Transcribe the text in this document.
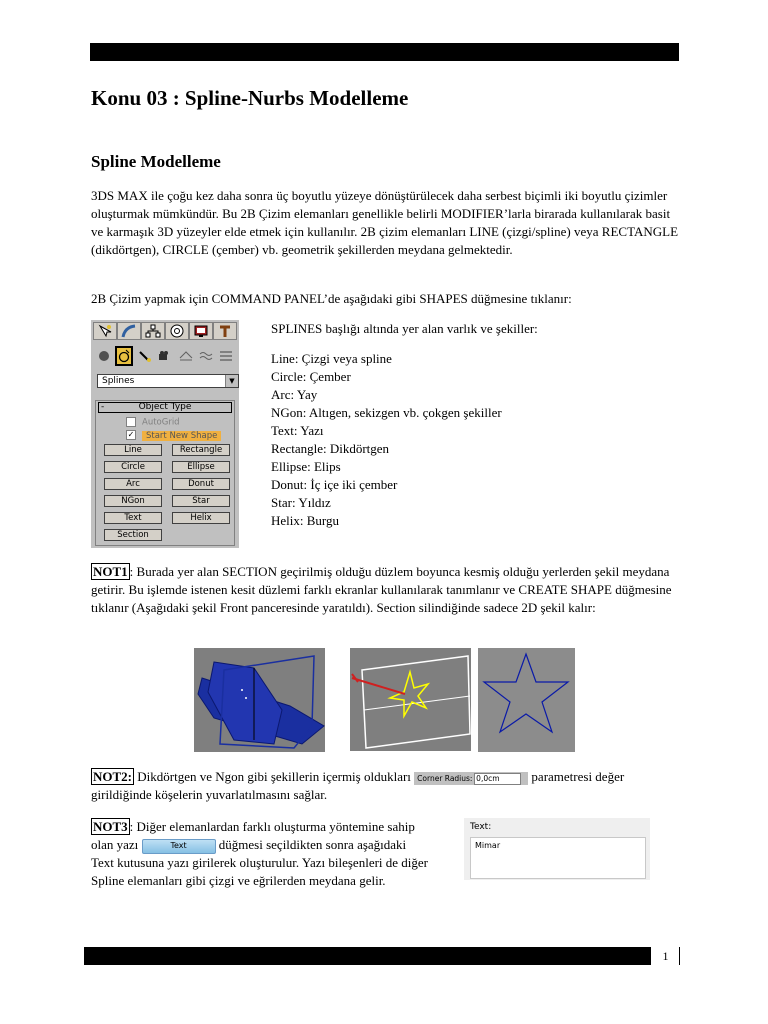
Konu 03 : Spline-Nurbs Modelleme
Spline Modelleme
3DS MAX ile çoğu kez daha sonra üç boyutlu yüzeye dönüştürülecek daha serbest biçimli iki boyutlu çizimler oluşturmak mümkündür. Bu 2B Çizim elemanları genellikle belirli MODIFIER’larla birarada kullanılarak basit ve karmaşık 3D yüzeyler elde etmek için kullanılır. 2B çizim elemanları LINE (çizgi/spline) veya RECTANGLE (dikdörtgen), CIRCLE (çember) vb. geometrik şekillerden meydana gelmektedir.
2B Çizim yapmak için COMMAND PANEL’de aşağıdaki gibi SHAPES düğmesine tıklanır:
Splines	▼
-	Object Type
AutoGrid
✓ Start New Shape
Line	Rectangle
Circle	Ellipse
Arc	Donut
NGon	Star
Text	Helix
Section
SPLINES başlığı altında yer alan varlık ve şekiller:
Line: Çizgi veya spline
Circle: Çember
Arc: Yay
NGon: Altıgen, sekizgen vb. çokgen şekiller
Text: Yazı
Rectangle: Dikdörtgen
Ellipse: Elips
Donut: İç içe iki çember
Star: Yıldız
Helix: Burgu
NOT1 : Burada yer alan SECTION geçirilmiş olduğu düzlem boyunca kesmiş olduğu yerlerden şekil meydana getirir. Bu işlemde istenen kesit düzlemi farklı ekranlar kullanılarak tanımlanır ve CREATE SHAPE düğmesine tıklanır (Aşağıdaki şekil Front panceresinde yaratıldı). Section silindiğinde sadece 2D şekil kalır:
NOT2: Dikdörtgen ve Ngon gibi şekillerin içermiş oldukları Corner Radius: 0,0cm	parametresi değer girildiğinde köşelerin yuvarlatılmasını sağlar.
NOT3 : Diğer elemanlardan farklı oluşturma yöntemine sahip olan yazı	Text düğmesi seçildikten sonra aşağıdaki Text kutusuna yazı girilerek oluşturulur. Yazı bileşenleri de diğer Spline elemanları gibi çizgi ve eğrilerden meydana gelir.
Text:
Mimar
1
